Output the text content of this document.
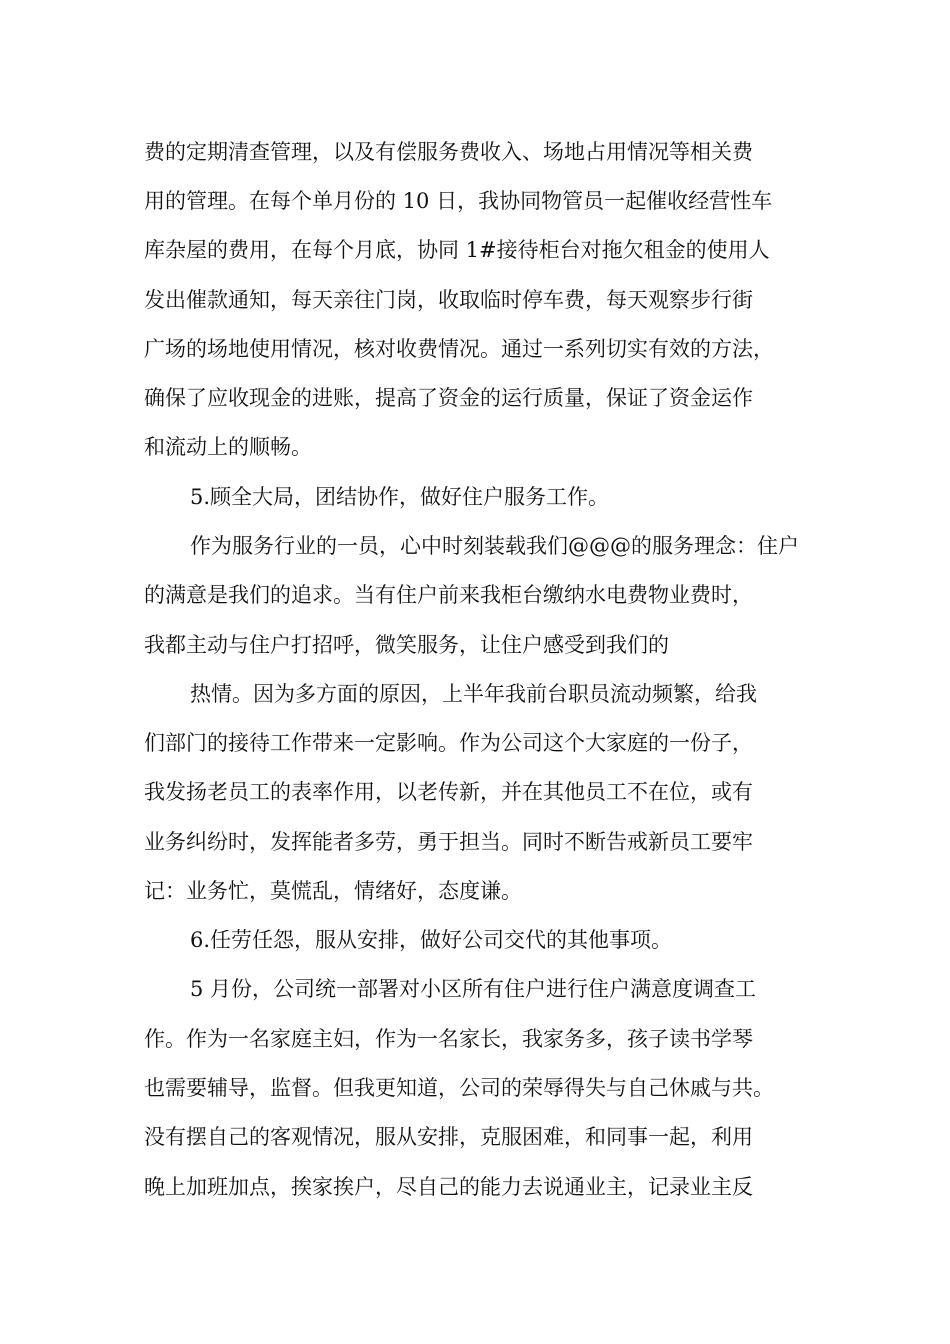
费的定期清查管理，以及有偿服务费收入、场地占用情况等相关费
用的管理。在每个单月份的 10 日，我协同物管员一起催收经营性车
库杂屋的费用，在每个月底，协同 1#接待柜台对拖欠租金的使用人
发出催款通知，每天亲往门岗，收取临时停车费，每天观察步行街
广场的场地使用情况，核对收费情况。通过一系列切实有效的方法，
确保了应收现金的进账，提高了资金的运行质量，保证了资金运作
和流动上的顺畅。
5.顾全大局，团结协作，做好住户服务工作。
作为服务行业的一员，心中时刻装载我们@@@的服务理念：住户
的满意是我们的追求。当有住户前来我柜台缴纳水电费物业费时，
我都主动与住户打招呼，微笑服务，让住户感受到我们的
热情。因为多方面的原因，上半年我前台职员流动频繁，给我
们部门的接待工作带来一定影响。作为公司这个大家庭的一份子，
我发扬老员工的表率作用，以老传新，并在其他员工不在位，或有
业务纠纷时，发挥能者多劳，勇于担当。同时不断告戒新员工要牢
记：业务忙，莫慌乱，情绪好，态度谦。
6.任劳任怨，服从安排，做好公司交代的其他事项。
5 月份，公司统一部署对小区所有住户进行住户满意度调查工
作。作为一名家庭主妇，作为一名家长，我家务多，孩子读书学琴
也需要辅导，监督。但我更知道，公司的荣辱得失与自己休戚与共。
没有摆自己的客观情况，服从安排，克服困难，和同事一起，利用
晚上加班加点，挨家挨户，尽自己的能力去说通业主，记录业主反
